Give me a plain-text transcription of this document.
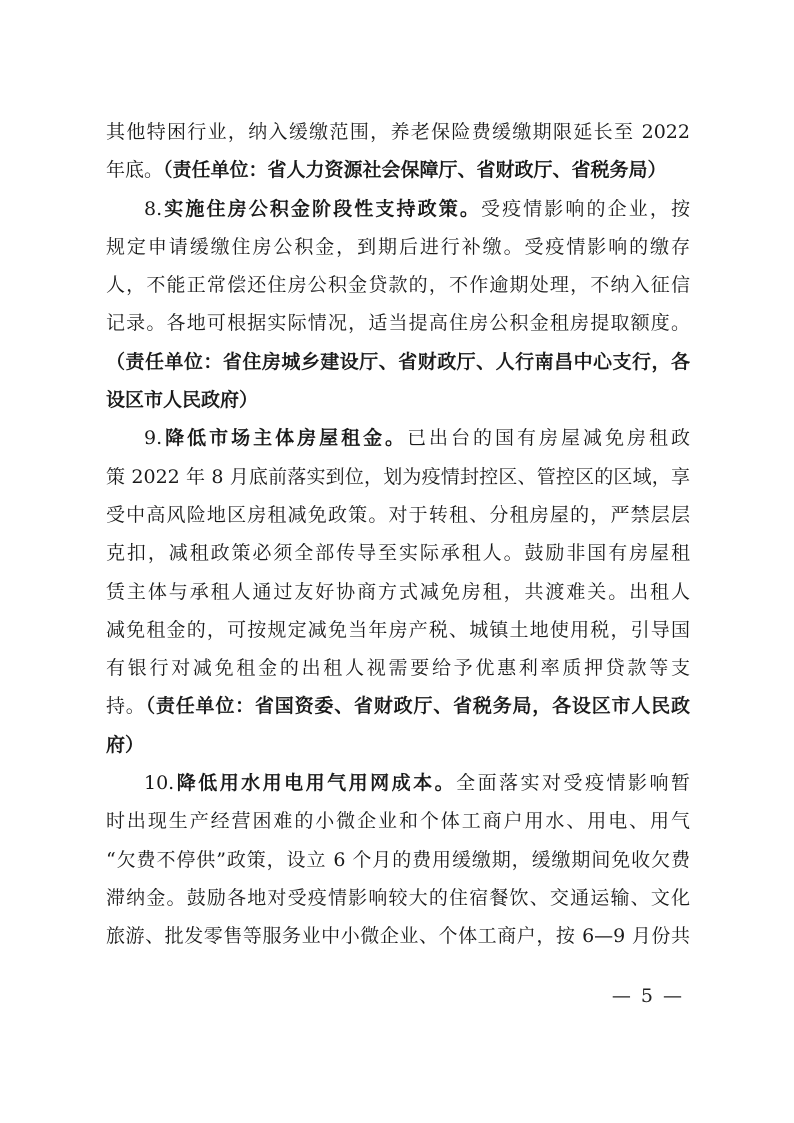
其他特困行业，纳入缓缴范围，养老保险费缓缴期限延长至 2022
年底。（责任单位：省人力资源社会保障厅、省财政厅、省税务局）
8.实施住房公积金阶段性支持政策。受疫情影响的企业，按
规定申请缓缴住房公积金，到期后进行补缴。受疫情影响的缴存
人，不能正常偿还住房公积金贷款的，不作逾期处理，不纳入征信
记录。各地可根据实际情况，适当提高住房公积金租房提取额度。
（责任单位：省住房城乡建设厅、省财政厅、人行南昌中心支行，各
设区市人民政府）
9.降低市场主体房屋租金。已出台的国有房屋减免房租政
策 2022 年 8 月底前落实到位，划为疫情封控区、管控区的区域，享
受中高风险地区房租减免政策。对于转租、分租房屋的，严禁层层
克扣，减租政策必须全部传导至实际承租人。鼓励非国有房屋租
赁主体与承租人通过友好协商方式减免房租，共渡难关。出租人
减免租金的，可按规定减免当年房产税、城镇土地使用税，引导国
有银行对减免租金的出租人视需要给予优惠利率质押贷款等支
持。（责任单位：省国资委、省财政厅、省税务局，各设区市人民政
府）
10.降低用水用电用气用网成本。全面落实对受疫情影响暂
时出现生产经营困难的小微企业和个体工商户用水、用电、用气
“欠费不停供”政策，设立 6 个月的费用缓缴期，缓缴期间免收欠费
滞纳金。鼓励各地对受疫情影响较大的住宿餐饮、交通运输、文化
旅游、批发零售等服务业中小微企业、个体工商户，按 6—9 月份共
— 5 —
